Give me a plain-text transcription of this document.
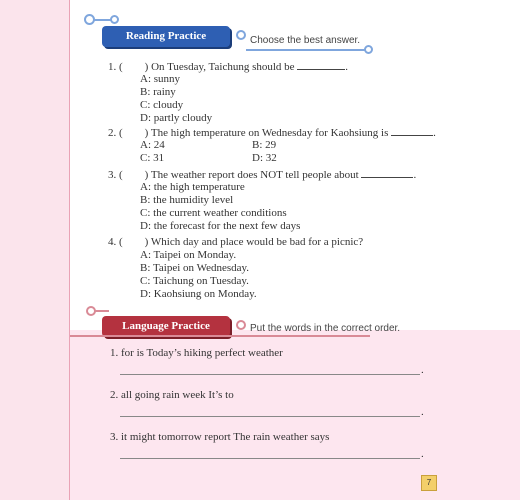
Reading Practice	Choose the best answer.
1. ( ) On Tuesday, Taichung should be	.
A: sunny
B: rainy
C: cloudy
D: partly cloudy
2. ( ) The high temperature on Wednesday for Kaohsiung is	.
A: 24	B: 29
C: 31	D: 32
3. ( ) The weather report does NOT tell people about	.
A: the high temperature
B: the humidity level
C: the current weather conditions
D: the forecast for the next few days
4. ( ) Which day and place would be bad for a picnic?
A: Taipei on Monday.
B: Taipei on Wednesday.
C: Taichung on Tuesday.
D: Kaohsiung on Monday.
Language Practice	Put the words in the correct order.
1. for is Today’s hiking perfect weather
.
2. all going rain week It’s to
.
3. it might tomorrow report The rain weather says
.
7
